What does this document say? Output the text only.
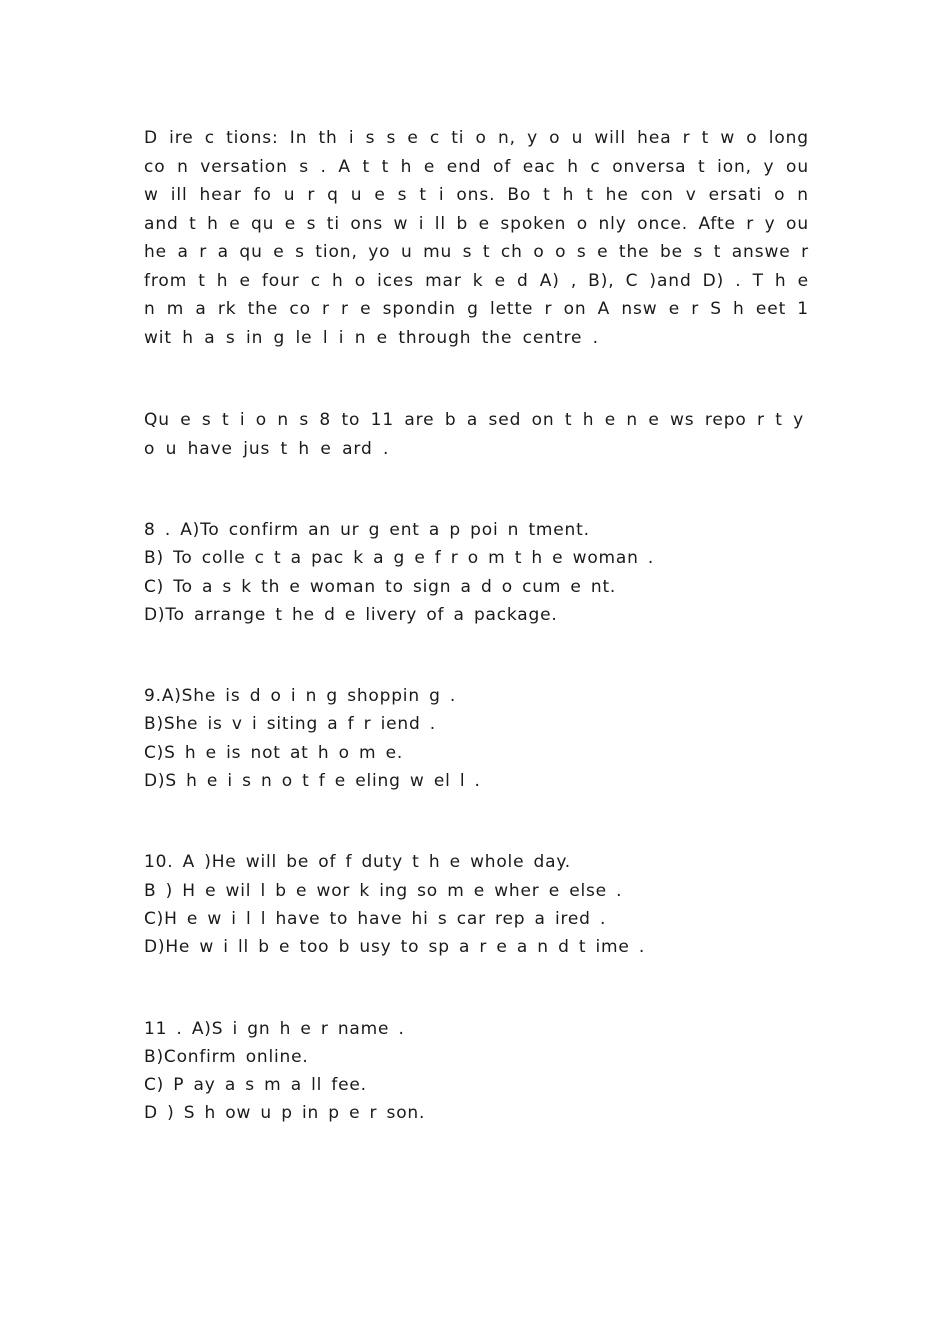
D ire c tions: In th i s s e c ti o n, y o u will hea r t w o long co n versation s . A t t h e end of eac h c onversa t ion, y ou w ill hear fo u r q u e s t i ons. Bo t h t he con v ersati o n and t h e qu e s ti ons w i ll b e spoken o nly once. Afte r y ou he a r a qu e s tion, yo u mu s t ch o o s e the be s t answe r from t h e four c h o ices mar k e d A) , B), C )and D) . T h e n m a rk the co r r e spondin g lette r on A nsw e r S h eet 1 wit h a s in g le l i n e through the centre .

Qu e s t i o n s 8 to 11 are b a sed on t h e n e ws repo r t y o u have jus t h e ard .

8 . A)To confirm an ur g ent a p poi n tment.

B) To colle c t a pac k a g e f r o m t h e woman .

C) To a s k th e woman to sign a d o cum e nt.

D)To arrange t he d e livery of a package.

9.A)She is d o i n g shoppin g .

B)She is v i siting a f r iend .

C)S h e is not at h o m e.

D)S h e i s n o t f e eling w el l .

10. A )He will be of f duty t h e whole day.

B ) H e wil l b e wor k ing so m e wher e else .

C)H e w i l l have to have hi s car rep a ired .

D)He w i ll b e too b usy to sp a r e a n d t ime .

11 . A)S i gn h e r name .

B)Confirm online.

C) P ay a s m a ll fee.

D ) S h ow u p in p e r son.
